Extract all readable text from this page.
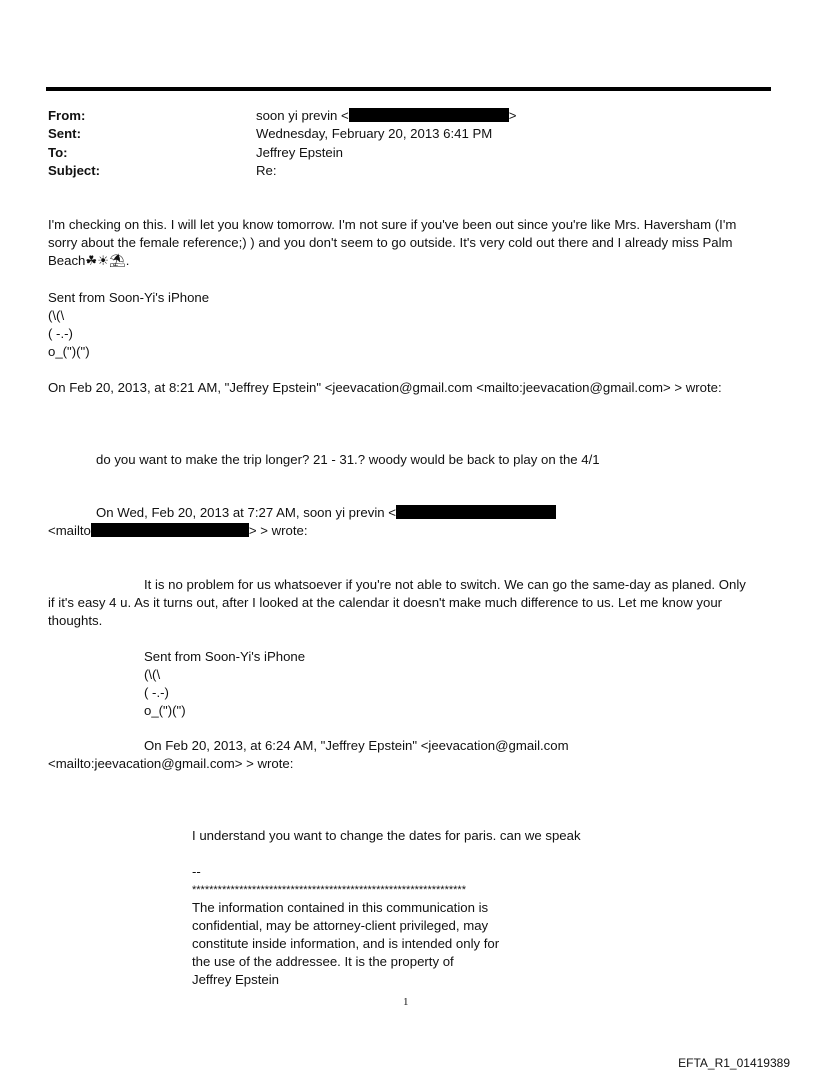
From:	soon yi previn <	>
Sent:	Wednesday, February 20, 2013 6:41 PM
To:	Jeffrey Epstein
Subject:	Re:
I'm checking on this. I will let you know tomorrow. I'm not sure if you've been out since you're like Mrs. Haversham (I'm
sorry about the female reference;) ) and you don't seem to go outside. It's very cold out there and I already miss Palm
Beach☘☀⛱.
Sent from Soon-Yi's iPhone
(\(\
( -.-)
o_(")(")
On Feb 20, 2013, at 8:21 AM, "Jeffrey Epstein" <jeevacation@gmail.com <mailto:jeevacation@gmail.com> > wrote:
do you want to make the trip longer? 21 - 31.? woody would be back to play on the 4/1
On Wed, Feb 20, 2013 at 7:27 AM, soon yi previn <
<mailto	> > wrote:
It is no problem for us whatsoever if you're not able to switch. We can go the same-day as planed. Only
if it's easy 4 u. As it turns out, after I looked at the calendar it doesn't make much difference to us. Let me know your
thoughts.
Sent from Soon-Yi's iPhone
(\(\
( -.-)
o_(")(")
On Feb 20, 2013, at 6:24 AM, "Jeffrey Epstein" <jeevacation@gmail.com
<mailto:jeevacation@gmail.com> > wrote:
I understand you want to change the dates for paris. can we speak
--
****************************************************************
The information contained in this communication is
confidential, may be attorney-client privileged, may
constitute inside information, and is intended only for
the use of the addressee. It is the property of
Jeffrey Epstein
1
EFTA_R1_01419389
